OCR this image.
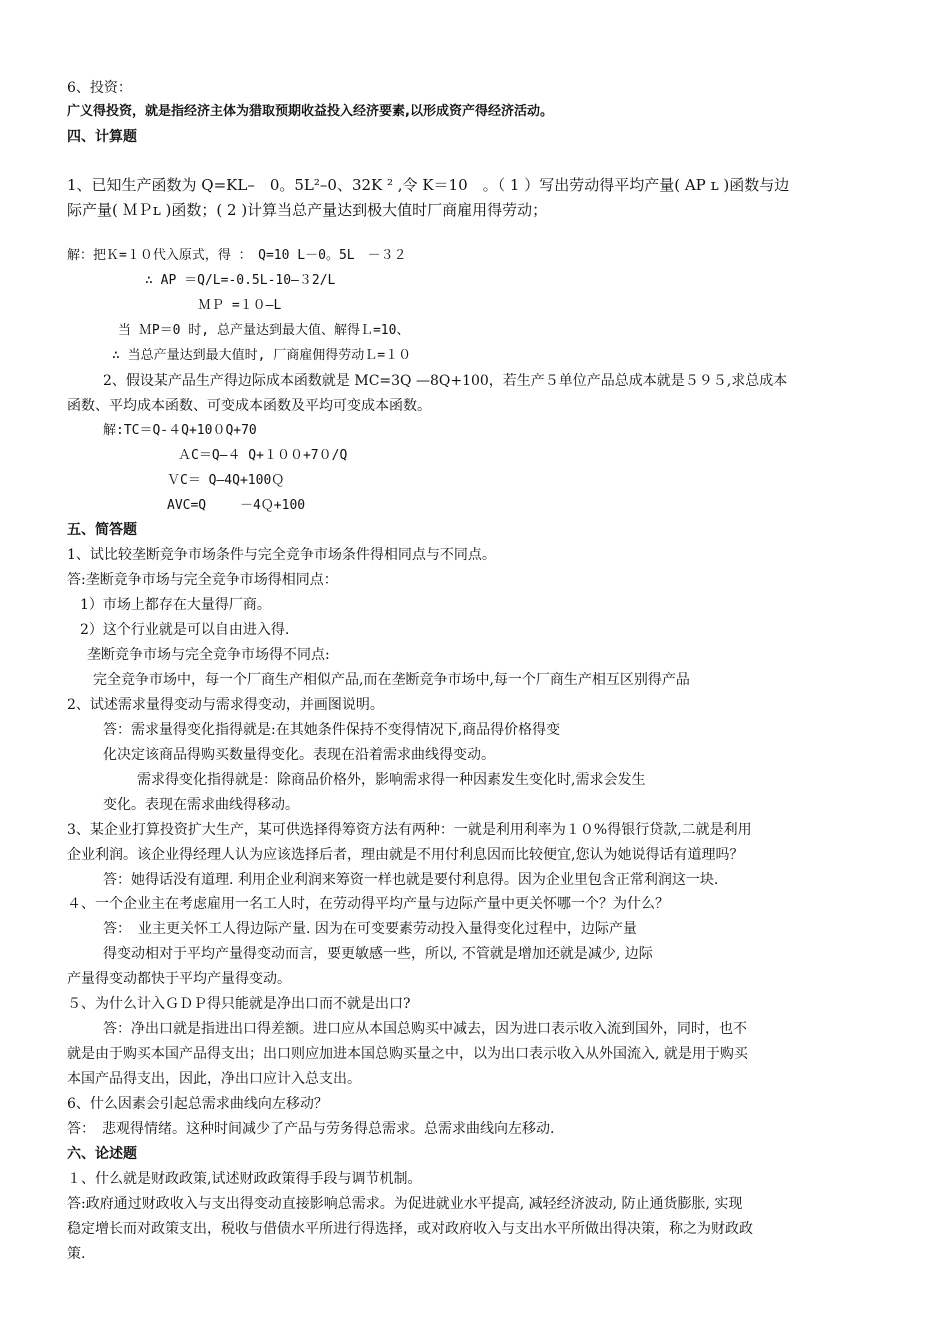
6、投资：
广义得投资，就是指经济主体为猎取预期收益投入经济要素,以形成资产得经济活动。
四、计算题
1、已知生产函数为 Q=KL–　0。5L²–0、32K ² ,令 K＝10　。（ 1 ）写出劳动得平均产量( AP ʟ )函数与边
际产量( ＭＰʟ )函数；( 2 )计算当总产量达到极大值时厂商雇用得劳动；
解：把Ｋ=１０代入原式，得 ：　Q=10 L－0。5L　－３２
∴ AP ＝Q/L=-0.5L-10—３2/L
ＭＰ =１０—L
当 ＭP＝0 时, 总产量达到最大值、解得Ｌ=10、
∴ 当总产量达到最大值时, 厂商雇佣得劳动Ｌ=１０
2、假设某产品生产得边际成本函数就是 MC=3Q —8Q+100，若生产５单位产品总成本就是５９５,求总成本
函数、平均成本函数、可变成本函数及平均可变成本函数。
解:TC＝Q-４Q+10０Q+70
ＡC＝Q—４ Q+１００+7０/Q
ＶC＝ Q—4Q+100Ｑ
AVC=Q　　 －4Ｑ+100
五、简答题
1、试比较垄断竞争市场条件与完全竞争市场条件得相同点与不同点。
答:垄断竞争市场与完全竞争市场得相同点：
1）市场上都存在大量得厂商。
2）这个行业就是可以自由进入得.
垄断竞争市场与完全竞争市场得不同点:
完全竞争市场中，每一个厂商生产相似产品,而在垄断竞争市场中,每一个厂商生产相互区别得产品
2、试述需求量得变动与需求得变动，并画图说明。
答：需求量得变化指得就是:在其她条件保持不变得情况下,商品得价格得变
化决定该商品得购买数量得变化。表现在沿着需求曲线得变动。
需求得变化指得就是：除商品价格外，影响需求得一种因素发生变化时,需求会发生
变化。表现在需求曲线得移动。
3、某企业打算投资扩大生产，某可供选择得筹资方法有两种：一就是利用利率为１０%得银行贷款,二就是利用
企业利润。该企业得经理人认为应该选择后者，理由就是不用付利息因而比较便宜,您认为她说得话有道理吗？
答：她得话没有道理. 利用企业利润来筹资一样也就是要付利息得。因为企业里包含正常利润这一块.
４、一个企业主在考虑雇用一名工人时，在劳动得平均产量与边际产量中更关怀哪一个？为什么？
答：　业主更关怀工人得边际产量. 因为在可变要素劳动投入量得变化过程中，边际产量
得变动相对于平均产量得变动而言，要更敏感一些，所以, 不管就是增加还就是减少, 边际
产量得变动都快于平均产量得变动。
５、为什么计入ＧＤＰ得只能就是净出口而不就是出口?
答：净出口就是指进出口得差额。进口应从本国总购买中减去，因为进口表示收入流到国外，同时，也不
就是由于购买本国产品得支出；出口则应加进本国总购买量之中，以为出口表示收入从外国流入, 就是用于购买
本国产品得支出，因此，净出口应计入总支出。
6、什么因素会引起总需求曲线向左移动？
答：　悲观得情绪。这种时间减少了产品与劳务得总需求。总需求曲线向左移动.
六、论述题
１、什么就是财政政策,试述财政政策得手段与调节机制。
答:政府通过财政收入与支出得变动直接影响总需求。为促进就业水平提高, 减轻经济波动, 防止通货膨胀, 实现
稳定增长而对政策支出，税收与借债水平所进行得选择，或对政府收入与支出水平所做出得决策，称之为财政政
策.
